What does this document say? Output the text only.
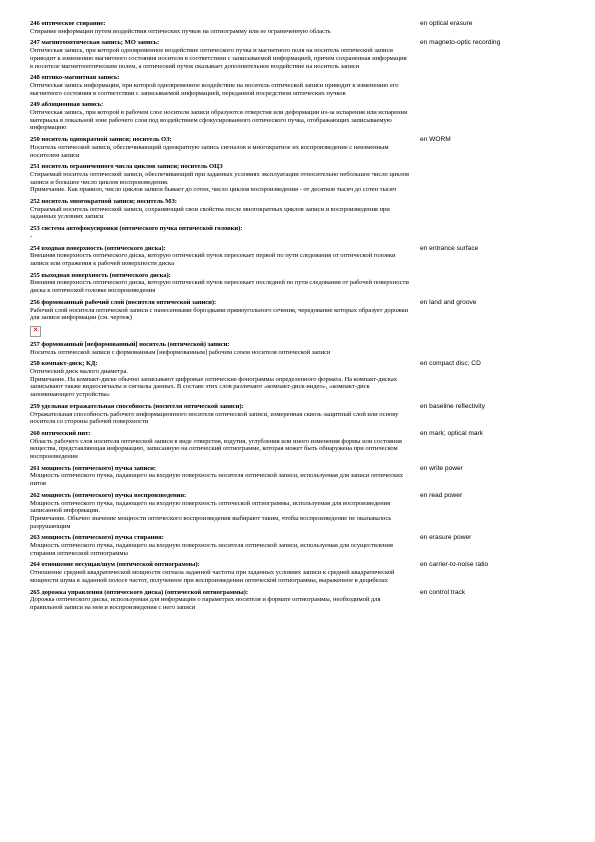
246 оптическое стирание:
Стирание информации путем воздействия оптических пучков на оптиограмму или ее ограниченную область
en optical erasure
247 магнитооптическая запись; МО запись:
Оптическая запись, при которой одновременное воздействие оптического пучка и магнитного поля на носитель оптической записи приводит к изменению магнитного состояния носителя в соответствии с записываемой информацией, причем сохраненная информация в носителе магнитооптическим полем, а оптический пучок оказывает дополнительное воздействие на носитель записи
en magneto-optic recording
248 оптико-магнитная запись:
Оптическая запись информации, при которой одновременное воздействие на носитель оптической записи приводит к изменению его магнитного состояния в соответствии с записываемой информацией, переданной посредством оптических пучков
249 абляционная запись:
Оптическая запись, при которой в рабочем слое носителя записи образуются отверстия или деформации из-за испарения или испарения материала в локальной зоне рабочего слоя под воздействием сфокусированного оптического пучка, отображающих записываемую информацию
250 носитель однократной записи; носитель ОЗ:
Носитель оптической записи, обеспечивающий однократную запись сигналов и многократное их воспроизведение с неизменным носителем записи
en WORM
251 носитель ограниченного числа циклов записи; носитель ОЦЗ
Стираемый носитель оптической записи, обеспечивающий при заданных условиях эксплуатации относительно небольшое число циклов записи и большое число циклов воспроизведения.
Примечание. Как правило, число циклов записи бывает до сотен, число циклов воспроизведения - от десятков тысяч до сотен тысяч
252 носитель многократной записи; носитель МЗ:
Стираемый носитель оптической записи, сохраняющий свои свойства после многократных циклов записи и воспроизведения при заданных условиях записи
253 система автофокусировки (оптического пучка оптической головки):
-
254 входная поверхность (оптического диска):
Внешняя поверхность оптического диска, которую оптический пучок пересекает первой по пути следования от оптической головки записи или отражения к рабочей поверхности диска
en entrance surface
255 выходная поверхность (оптического диска):
Внешняя поверхность оптического диска, которую оптический пучок пересекает последней по пути следования от рабочей поверхности диска к оптической головке воспроизведения
256 формованный рабочий слой (носителя оптической записи):
Рабочий слой носителя оптической записи с нанесенными бороздками прямоугольного сечения, чередование которых образует дорожки для записи информации (см. чертеж)
en land and groove
✕
257 формованный [неформованный] носитель (оптической) записи:
Носитель оптической записи с формованным [неформованным] рабочим слоем носителя оптической записи
258 компакт-диск; КД:
Оптический диск малого диаметра.
Примечание. На компакт-диске обычно записывают цифровые оптические фонограммы определенного формата. На компакт-дисках записывают также видеосигналы и сигналы данных. В составе этих слов различают «компакт-диск-видео», «компакт-диск запоминающего устройства»
en compact disc; CD
259 удельная отражательная способность (носителя оптической записи):
Отражательная способность рабочего информационного носителя оптической записи, измеренная сквозь защитный слой или основу носителя со стороны рабочей поверхности
en baseline reflectivity
260 оптический пит:
Область рабочего слоя носителя оптической записи в виде отверстия, вздутия, углубления или иного изменения формы или состояния вещества, представляющая информацию, записанную на оптический оптиограмме, которая может быть обнаружена при оптическом воспроизведении
en mark; optical mark
261 мощность (оптического) пучка записи:
Мощность оптического пучка, падающего на входную поверхность носителя оптической записи, используемая для записи оптических питов
en write power
262 мощность (оптического) пучка воспроизведения:
Мощность оптического пучка, падающего на входную поверхность оптической оптиограммы, используемая для воспроизведения записанной информации.
Примечание. Обычно значение мощности оптического воспроизведения выбирают таким, чтобы воспроизведение не оказывалось разрушающим
en read power
263 мощность (оптического) пучка стирания:
Мощность оптического пучка, падающего на входную поверхность носителя оптической записи, используемая для осуществления стирания оптической оптиограммы
en erasure power
264 отношение несущая/шум (оптической оптиограммы):
Отношение средней квадратической мощности сигнала заданной частоты при заданных условиях записи к средней квадратической мощности шума в заданной полосе частот, полученное при воспроизведении оптической оптиограммы, выраженное в децибелах
en carrier-to-noise ratio
265 дорожка управления (оптического диска) (оптической оптиограммы):
Дорожка оптического диска, используемая для информации о параметрах носителя и формате оптиограммы, необходимой для правильной записи на нем и воспроизведения с него записи
en control track
